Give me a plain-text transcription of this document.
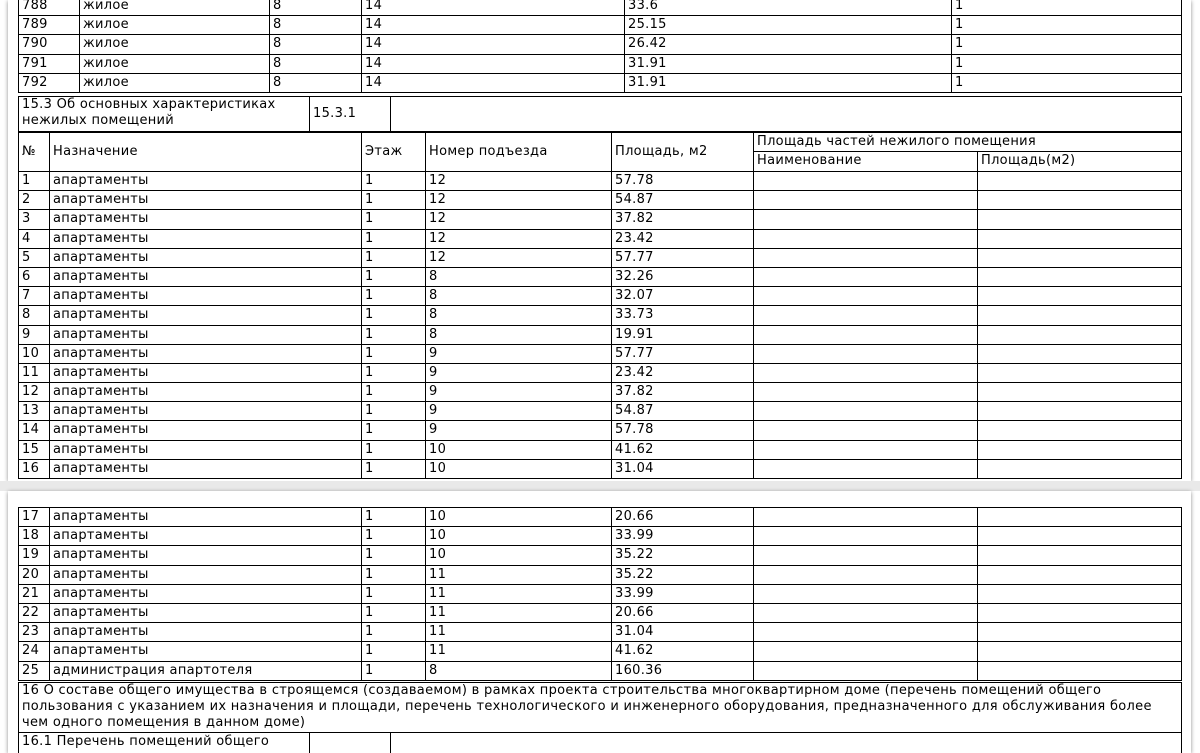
788	жилое	8	14	33.6	1
789	жилое	8	14	25.15	1
790	жилое	8	14	26.42	1
791	жилое	8	14	31.91	1
792	жилое	8	14	31.91	1
15.3 Об основных характеристиках нежилых помещений	15.3.1	
№	Назначение	Этаж	Номер подъезда	Площадь, м2	Площадь частей нежилого помещения	
					Наименование	Площадь(м2)
1	апартаменты	1	12	57.78		
2	апартаменты	1	12	54.87		
3	апартаменты	1	12	37.82		
4	апартаменты	1	12	23.42		
5	апартаменты	1	12	57.77		
6	апартаменты	1	8	32.26		
7	апартаменты	1	8	32.07		
8	апартаменты	1	8	33.73		
9	апартаменты	1	8	19.91		
10	апартаменты	1	9	57.77		
11	апартаменты	1	9	23.42		
12	апартаменты	1	9	37.82		
13	апартаменты	1	9	54.87		
14	апартаменты	1	9	57.78		
15	апартаменты	1	10	41.62		
16	апартаменты	1	10	31.04		
17	апартаменты	1	10	20.66		
18	апартаменты	1	10	33.99		
19	апартаменты	1	10	35.22		
20	апартаменты	1	11	35.22		
21	апартаменты	1	11	33.99		
22	апартаменты	1	11	20.66		
23	апартаменты	1	11	31.04		
24	апартаменты	1	11	41.62		
25	администрация апартотеля	1	8	160.36		
16 О составе общего имущества в строящемся (создаваемом) в рамках проекта строительства многоквартирном доме (перечень помещений общего пользования с указанием их назначения и площади, перечень технологического и инженерного оборудования, предназначенного для обслуживания более чем одного помещения в данном доме)
16.1 Перечень помещений общего		
